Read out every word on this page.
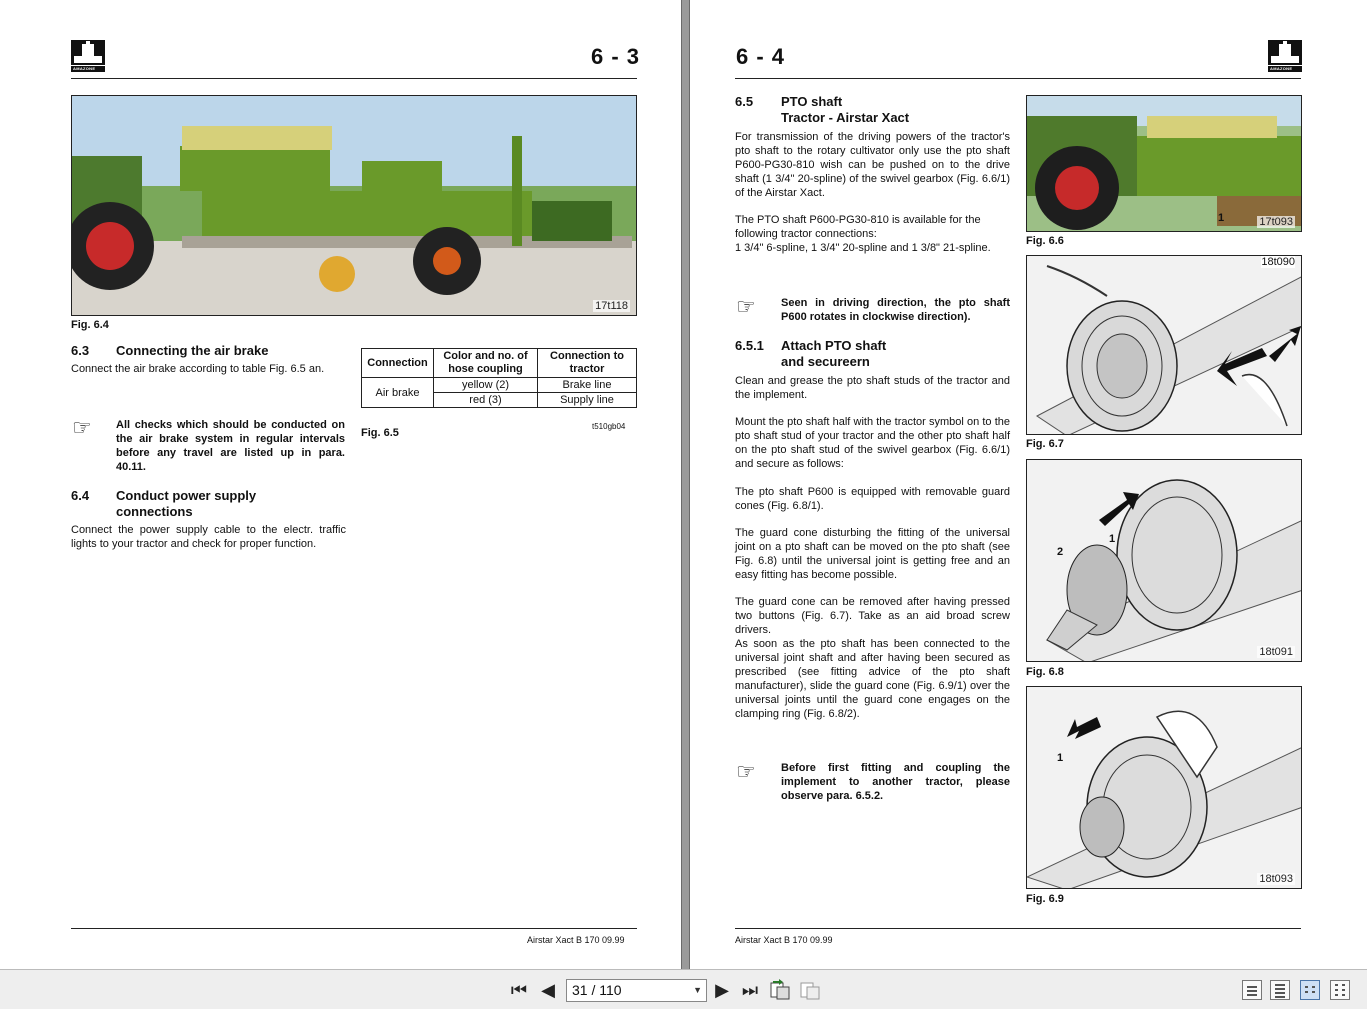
AMAZONE	6 - 3
17t118
Fig. 6.4
6.3 Connecting the air brake
Connect the air brake according to table Fig. 6.5 an.
☞ All checks which should be conducted on the air brake system in regular intervals before any travel are listed up in para. 40.11.
6.4 Conduct power supply
connections
Connect the power supply cable to the electr. traffic lights to your tractor and check for proper function.
Connection	Color and no. of hose coupling	Connection to tractor
Air brake	yellow (2)	Brake line
	red (3)	Supply line
t510gb04
Fig. 6.5
Airstar Xact B 170 09.99
6 - 4	AMAZONE
6.5 PTO shaft
Tractor - Airstar Xact
For transmission of the driving powers of the tractor's pto shaft to the rotary cultivator only use the pto shaft P600-PG30-810 wish can be pushed on to the drive shaft (1 3/4" 20-spline) of the swivel gearbox (Fig. 6.6/1) of the Airstar Xact.
The PTO shaft P600-PG30-810 is available for the following tractor connections:
1 3/4" 6-spline, 1 3/4" 20-spline and 1 3/8" 21-spline.
☞ Seen in driving direction, the pto shaft P600 rotates in clockwise direction).
6.5.1 Attach PTO shaft
and secureern
Clean and grease the pto shaft studs of the tractor and the implement.
Mount the pto shaft half with the tractor symbol on to the pto shaft stud of your tractor and the other pto shaft half on the pto shaft stud of the swivel gearbox (Fig. 6.6/1) and secure as follows:
The pto shaft P600 is equipped with removable guard cones (Fig. 6.8/1).
The guard cone disturbing the fitting of the universal joint on a pto shaft can be moved on the pto shaft (see Fig. 6.8) until the universal joint is getting free and an easy fitting has become possible.
The guard cone can be removed after having pressed two buttons (Fig. 6.7). Take as an aid broad screw drivers.
As soon as the pto shaft has been connected to the universal joint shaft and after having been secured as prescribed (see fitting advice of the pto shaft manufacturer), slide the guard cone (Fig. 6.9/1) over the universal joints until the guard cone engages on the clamping ring (Fig. 6.8/2).
☞ Before first fitting and coupling the implement to another tractor, please observe para. 6.5.2.
1	17t093
Fig. 6.6
18t090
Fig. 6.7
1
2
18t091
Fig. 6.8
1
18t093
Fig. 6.9
Airstar Xact B 170 09.99
⏮ ◀	31 / 110	▼ ▶ ⏭
